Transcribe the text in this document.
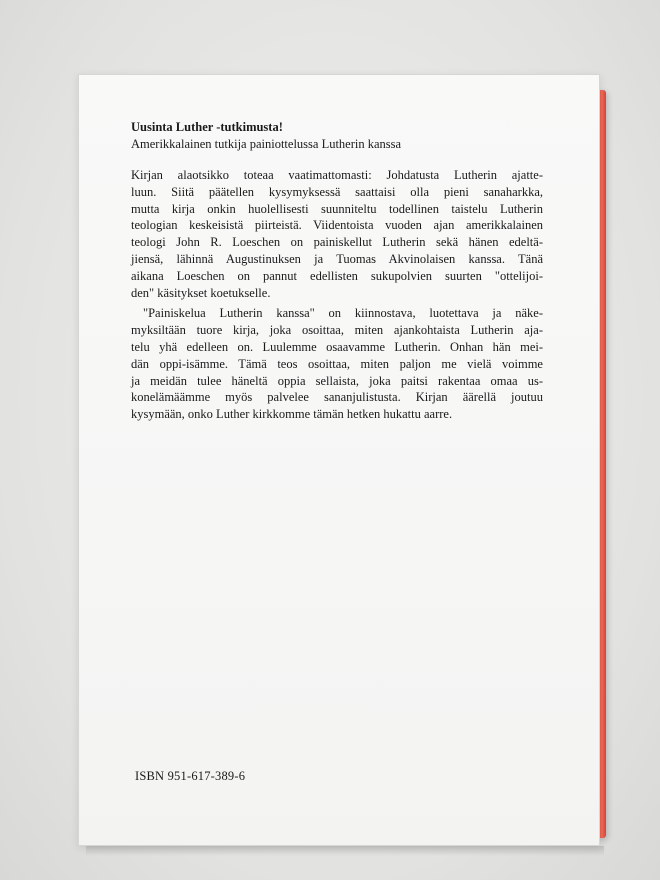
Uusinta Luther -tutkimusta!

Amerikkalainen tutkija painiottelussa Lutherin kanssa

Kirjan alaotsikko toteaa vaatimattomasti: Johdatusta Lutherin ajatte-
luun. Siitä päätellen kysymyksessä saattaisi olla pieni sanaharkka,
mutta kirja onkin huolellisesti suunniteltu todellinen taistelu Lutherin
teologian keskeisistä piirteistä. Viidentoista vuoden ajan amerikkalainen
teologi John R. Loeschen on painiskellut Lutherin sekä hänen edeltä-
jiensä, lähinnä Augustinuksen ja Tuomas Akvinolaisen kanssa. Tänä
aikana Loeschen on pannut edellisten sukupolvien suurten "ottelijoi-
den" käsitykset koetukselle.

"Painiskelua Lutherin kanssa" on kiinnostava, luotettava ja näke-
myksiltään tuore kirja, joka osoittaa, miten ajankohtaista Lutherin aja-
telu yhä edelleen on. Luulemme osaavamme Lutherin. Onhan hän mei-
dän oppi-isämme. Tämä teos osoittaa, miten paljon me vielä voimme
ja meidän tulee häneltä oppia sellaista, joka paitsi rakentaa omaa us-
konelämäämme myös palvelee sananjulistusta. Kirjan äärellä joutuu
kysymään, onko Luther kirkkomme tämän hetken hukattu aarre.

ISBN 951-617-389-6
